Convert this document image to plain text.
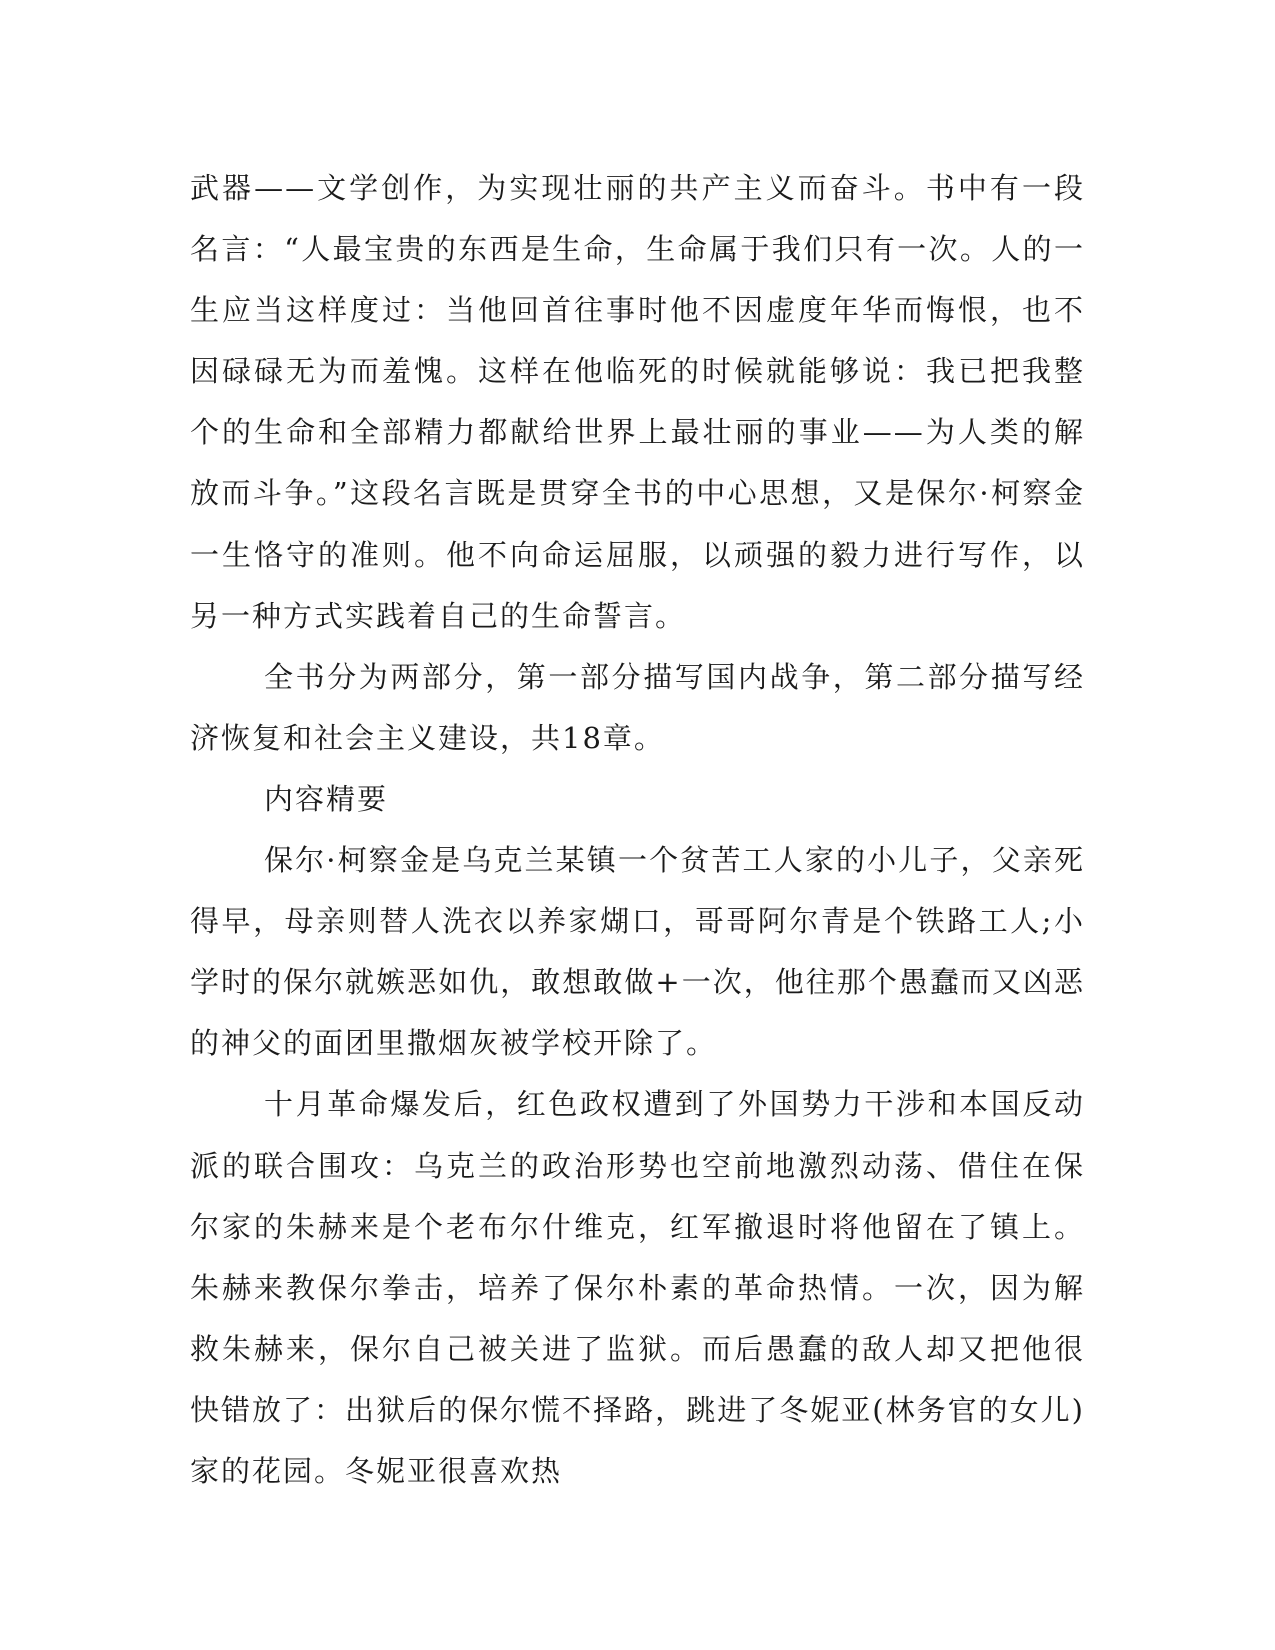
武器——文学创作，为实现壮丽的共产主义而奋斗。书中有一段名言：“人最宝贵的东西是生命，生命属于我们只有一次。人的一生应当这样度过：当他回首往事时他不因虚度年华而悔恨，也不因碌碌无为而羞愧。这样在他临死的时候就能够说：我已把我整个的生命和全部精力都献给世界上最壮丽的事业——为人类的解放而斗争。”这段名言既是贯穿全书的中心思想，又是保尔·柯察金一生恪守的准则。他不向命运屈服，以顽强的毅力进行写作，以另一种方式实践着自己的生命誓言。

全书分为两部分，第一部分描写国内战争，第二部分描写经济恢复和社会主义建设，共18章。

内容精要

保尔·柯察金是乌克兰某镇一个贫苦工人家的小儿子，父亲死得早，母亲则替人洗衣以养家煳口，哥哥阿尔青是个铁路工人;小学时的保尔就嫉恶如仇，敢想敢做+一次，他往那个愚蠢而又凶恶的神父的面团里撒烟灰被学校开除了。

十月革命爆发后，红色政权遭到了外国势力干涉和本国反动派的联合围攻：乌克兰的政治形势也空前地激烈动荡、借住在保尔家的朱赫来是个老布尔什维克，红军撤退时将他留在了镇上。朱赫来教保尔拳击，培养了保尔朴素的革命热情。一次，因为解救朱赫来，保尔自己被关进了监狱。而后愚蠢的敌人却又把他很快错放了：出狱后的保尔慌不择路，跳进了冬妮亚(林务官的女儿)家的花园。冬妮亚很喜欢热
